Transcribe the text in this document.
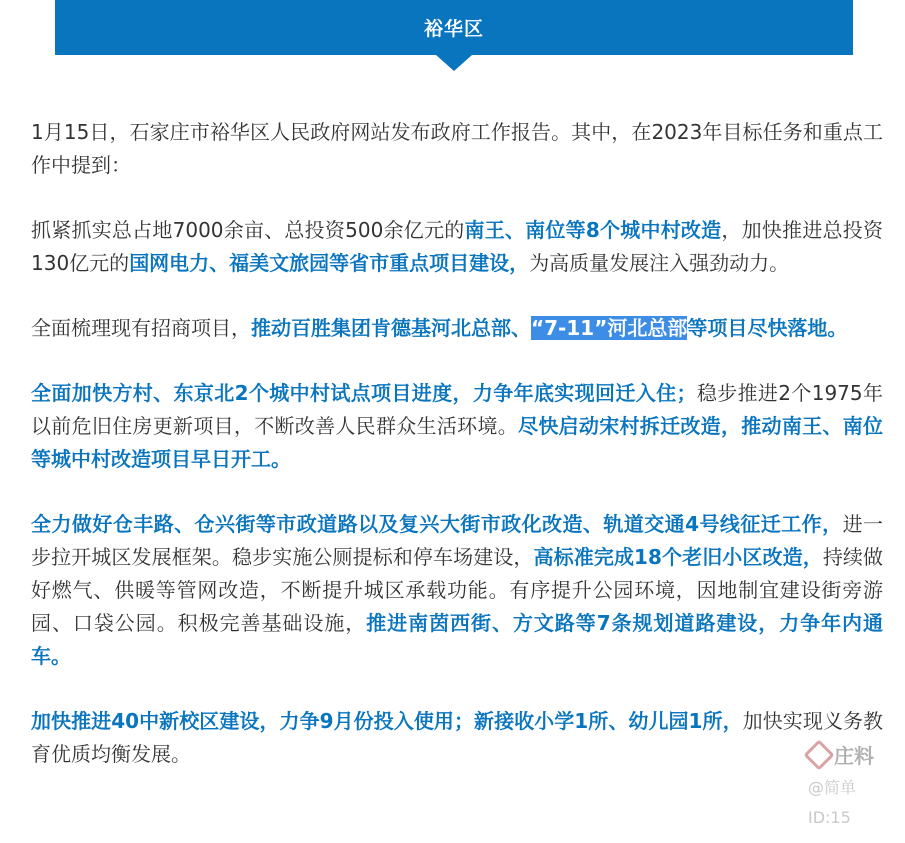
裕华区

1月15日，石家庄市裕华区人民政府网站发布政府工作报告。其中，在2023年目标任务和重点工作中提到：

抓紧抓实总占地7000余亩、总投资500余亿元的南王、南位等8个城中村改造，加快推进总投资130亿元的国网电力、福美文旅园等省市重点项目建设，为高质量发展注入强劲动力。

全面梳理现有招商项目，推动百胜集团肯德基河北总部、“7-11”河北总部等项目尽快落地。

全面加快方村、东京北2个城中村试点项目进度，力争年底实现回迁入住；稳步推进2个1975年以前危旧住房更新项目，不断改善人民群众生活环境。尽快启动宋村拆迁改造，推动南王、南位等城中村改造项目早日开工。

全力做好仓丰路、仓兴街等市政道路以及复兴大街市政化改造、轨道交通4号线征迁工作，进一步拉开城区发展框架。稳步实施公厕提标和停车场建设，高标准完成18个老旧小区改造，持续做好燃气、供暖等管网改造，不断提升城区承载功能。有序提升公园环境，因地制宜建设街旁游园、口袋公园。积极完善基础设施，推进南茵西街、方文路等7条规划道路建设，力争年内通车。

加快推进40中新校区建设，力争9月份投入使用；新接收小学1所、幼儿园1所，加快实现义务教育优质均衡发展。	庄料
@简单
ID:15
